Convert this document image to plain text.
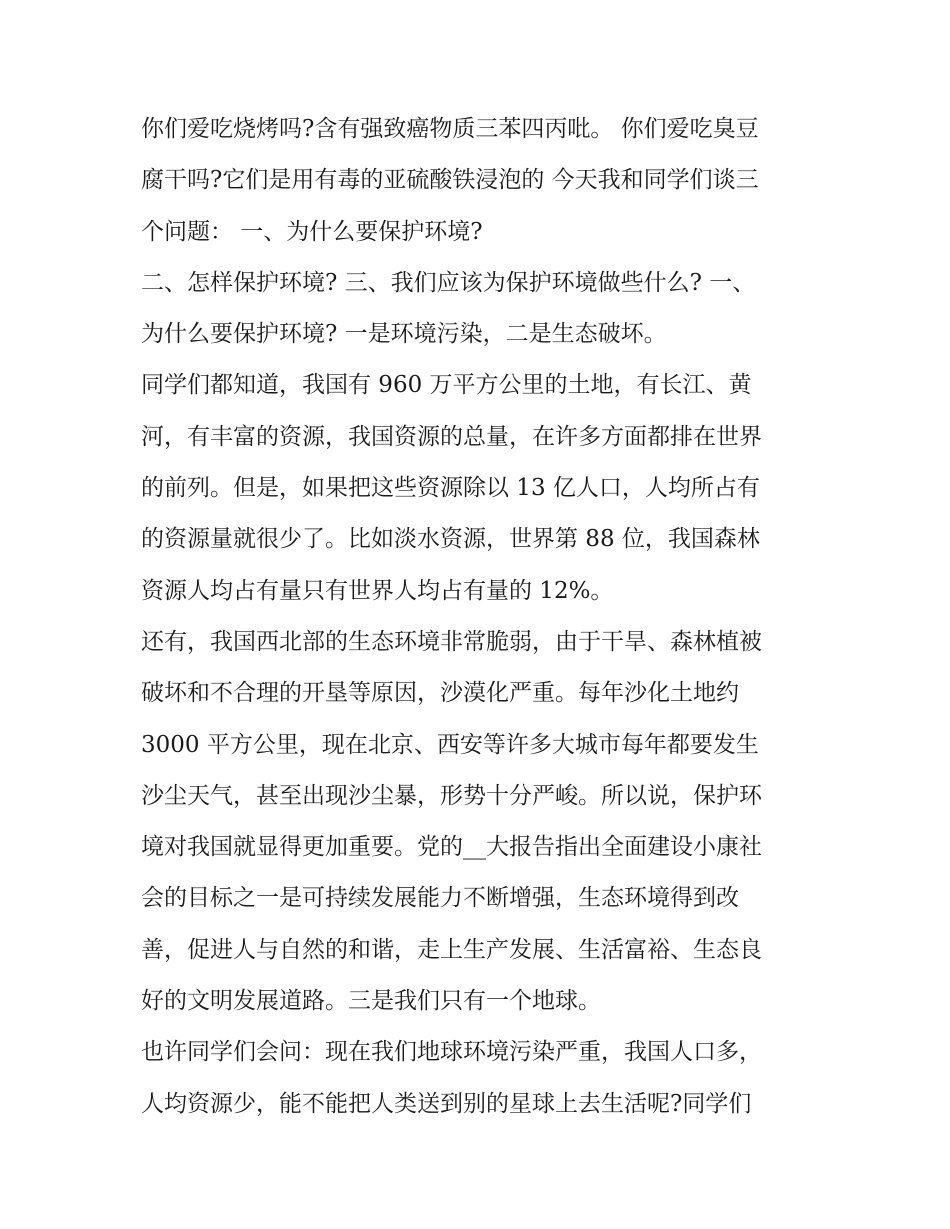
你们爱吃烧烤吗?含有强致癌物质三苯四丙吡。 你们爱吃臭豆
腐干吗?它们是用有毒的亚硫酸铁浸泡的 今天我和同学们谈三
个问题： 一、为什么要保护环境?
二、怎样保护环境? 三、我们应该为保护环境做些什么? 一、
为什么要保护环境? 一是环境污染，二是生态破坏。
同学们都知道，我国有 960 万平方公里的土地，有长江、黄
河，有丰富的资源，我国资源的总量，在许多方面都排在世界
的前列。但是，如果把这些资源除以 13 亿人口，人均所占有
的资源量就很少了。比如淡水资源，世界第 88 位，我国森林
资源人均占有量只有世界人均占有量的 12%。
还有，我国西北部的生态环境非常脆弱，由于干旱、森林植被
破坏和不合理的开垦等原因，沙漠化严重。每年沙化土地约
3000 平方公里，现在北京、西安等许多大城市每年都要发生
沙尘天气，甚至出现沙尘暴，形势十分严峻。所以说，保护环
境对我国就显得更加重要。党的__大报告指出全面建设小康社
会的目标之一是可持续发展能力不断增强，生态环境得到改
善，促进人与自然的和谐，走上生产发展、生活富裕、生态良
好的文明发展道路。三是我们只有一个地球。
也许同学们会问：现在我们地球环境污染严重，我国人口多，
人均资源少，能不能把人类送到别的星球上去生活呢?同学们
